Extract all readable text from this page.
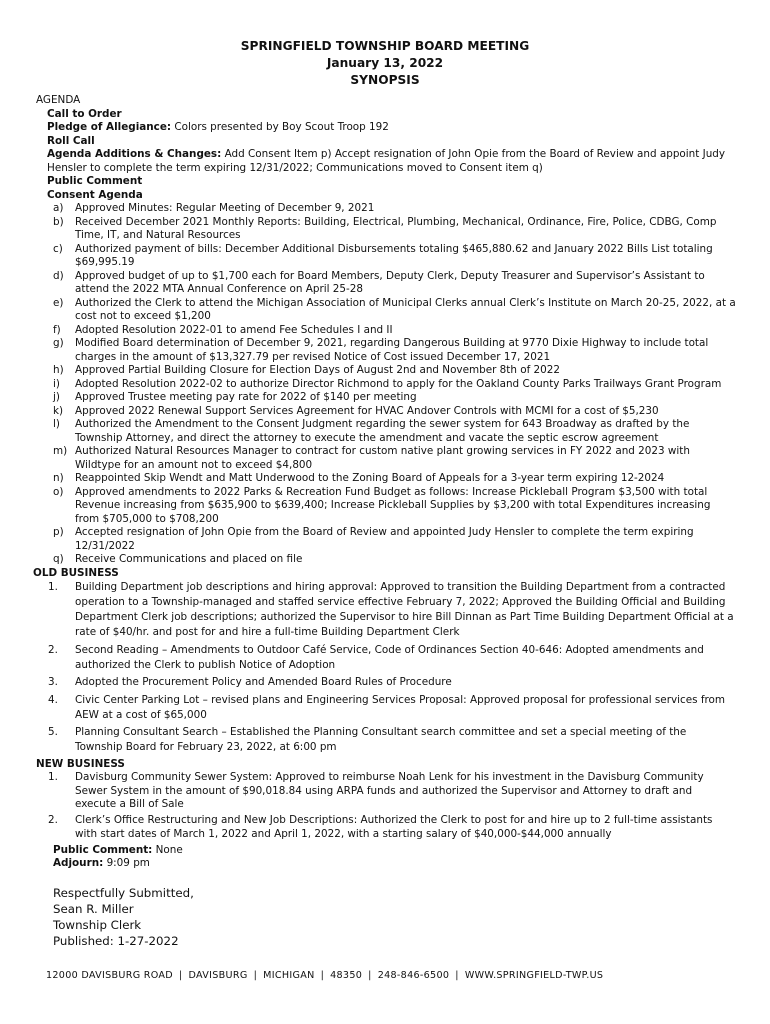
SPRINGFIELD TOWNSHIP BOARD MEETING
January 13, 2022
SYNOPSIS
AGENDA
Call to Order
Pledge of Allegiance: Colors presented by Boy Scout Troop 192
Roll Call
Agenda Additions & Changes: Add Consent Item p) Accept resignation of John Opie from the Board of Review and appoint Judy Hensler to complete the term expiring 12/31/2022; Communications moved to Consent item q)
Public Comment
Consent Agenda
a) Approved Minutes: Regular Meeting of December 9, 2021
b) Received December 2021 Monthly Reports: Building, Electrical, Plumbing, Mechanical, Ordinance, Fire, Police, CDBG, Comp Time, IT, and Natural Resources
c) Authorized payment of bills: December Additional Disbursements totaling $465,880.62 and January 2022 Bills List totaling $69,995.19
d) Approved budget of up to $1,700 each for Board Members, Deputy Clerk, Deputy Treasurer and Supervisor’s Assistant to attend the 2022 MTA Annual Conference on April 25-28
e) Authorized the Clerk to attend the Michigan Association of Municipal Clerks annual Clerk’s Institute on March 20-25, 2022, at a cost not to exceed $1,200
f) Adopted Resolution 2022-01 to amend Fee Schedules I and II
g) Modified Board determination of December 9, 2021, regarding Dangerous Building at 9770 Dixie Highway to include total charges in the amount of $13,327.79 per revised Notice of Cost issued December 17, 2021
h) Approved Partial Building Closure for Election Days of August 2nd and November 8th of 2022
i) Adopted Resolution 2022-02 to authorize Director Richmond to apply for the Oakland County Parks Trailways Grant Program
j) Approved Trustee meeting pay rate for 2022 of $140 per meeting
k) Approved 2022 Renewal Support Services Agreement for HVAC Andover Controls with MCMI for a cost of $5,230
l) Authorized the Amendment to the Consent Judgment regarding the sewer system for 643 Broadway as drafted by the Township Attorney, and direct the attorney to execute the amendment and vacate the septic escrow agreement
m) Authorized Natural Resources Manager to contract for custom native plant growing services in FY 2022 and 2023 with Wildtype for an amount not to exceed $4,800
n) Reappointed Skip Wendt and Matt Underwood to the Zoning Board of Appeals for a 3-year term expiring 12-2024
o) Approved amendments to 2022 Parks & Recreation Fund Budget as follows: Increase Pickleball Program $3,500 with total Revenue increasing from $635,900 to $639,400; Increase Pickleball Supplies by $3,200 with total Expenditures increasing from $705,000 to $708,200
p) Accepted resignation of John Opie from the Board of Review and appointed Judy Hensler to complete the term expiring 12/31/2022
q) Receive Communications and placed on file
OLD BUSINESS
1. Building Department job descriptions and hiring approval: Approved to transition the Building Department from a contracted operation to a Township-managed and staffed service effective February 7, 2022; Approved the Building Official and Building Department Clerk job descriptions; authorized the Supervisor to hire Bill Dinnan as Part Time Building Department Official at a rate of $40/hr. and post for and hire a full-time Building Department Clerk
2. Second Reading – Amendments to Outdoor Café Service, Code of Ordinances Section 40-646: Adopted amendments and authorized the Clerk to publish Notice of Adoption
3. Adopted the Procurement Policy and Amended Board Rules of Procedure
4. Civic Center Parking Lot – revised plans and Engineering Services Proposal: Approved proposal for professional services from AEW at a cost of $65,000
5. Planning Consultant Search – Established the Planning Consultant search committee and set a special meeting of the Township Board for February 23, 2022, at 6:00 pm
NEW BUSINESS
1. Davisburg Community Sewer System: Approved to reimburse Noah Lenk for his investment in the Davisburg Community Sewer System in the amount of $90,018.84 using ARPA funds and authorized the Supervisor and Attorney to draft and execute a Bill of Sale
2. Clerk’s Office Restructuring and New Job Descriptions: Authorized the Clerk to post for and hire up to 2 full-time assistants with start dates of March 1, 2022 and April 1, 2022, with a starting salary of $40,000-$44,000 annually
Public Comment: None
Adjourn: 9:09 pm
Respectfully Submitted,
Sean R. Miller
Township Clerk
Published: 1-27-2022
12000 DAVISBURG ROAD | DAVISBURG | MICHIGAN | 48350 | 248-846-6500 | WWW.SPRINGFIELD-TWP.US
